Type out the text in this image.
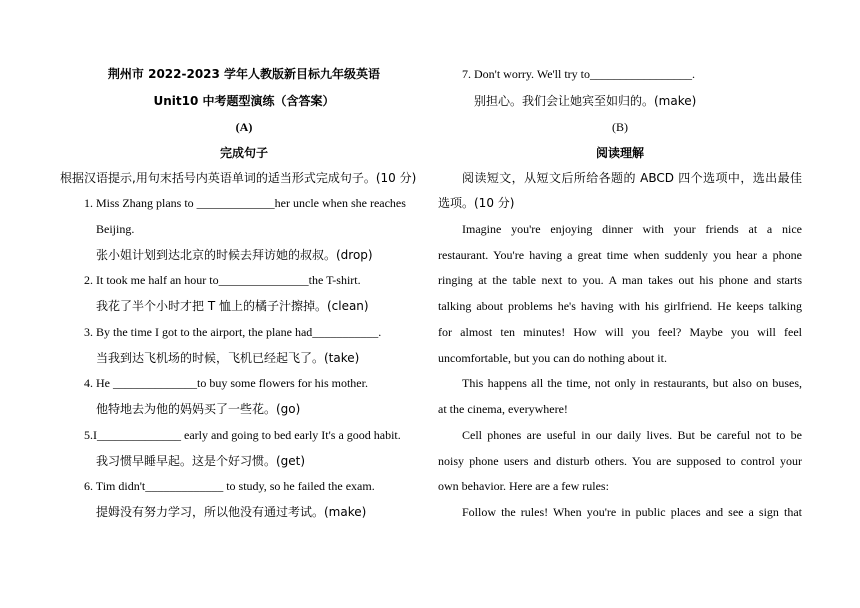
荆州市 2022-2023 学年人教版新目标九年级英语
Unit10 中考题型演练（含答案）
(A)
完成句子
根据汉语提示,用句末括号内英语单词的适当形式完成句子。(10 分)
1. Miss Zhang plans to _____________her uncle when she reaches
Beijing.
张小姐计划到达北京的时候去拜访她的叔叔。(drop)
2. It took me half an hour to_______________the T-shirt.
我花了半个小时才把 T 恤上的橘子汁擦掉。(clean)
3. By the time I got to the airport, the plane had___________.
当我到达飞机场的时候，飞机已经起飞了。(take)
4. He ______________to buy some flowers for his mother.
他特地去为他的妈妈买了一些花。(go)
5.I______________ early and going to bed early It's a good habit.
我习惯早睡早起。这是个好习惯。(get)
6. Tim didn't_____________ to study, so he failed the exam.
提姆没有努力学习，所以他没有通过考试。(make)
7. Don't worry. We'll try to_________________.
别担心。我们会让她宾至如归的。(make)
(B)
阅读理解
阅读短文，从短文后所给各题的 ABCD 四个选项中，选出最佳
选项。(10 分)
Imagine you're enjoying dinner with your friends at a nice
restaurant. You're having a great time when suddenly you hear a phone
ringing at the table next to you. A man takes out his phone and starts
talking about problems he's having with his girlfriend. He keeps talking
for almost ten minutes! How will you feel? Maybe you will feel
uncomfortable, but you can do nothing about it.
This happens all the time, not only in restaurants, but also on buses,
at the cinema, everywhere!
Cell phones are useful in our daily lives. But be careful not to be
noisy phone users and disturb others. You are supposed to control your
own behavior. Here are a few rules:
Follow the rules! When you're in public places and see a sign that
